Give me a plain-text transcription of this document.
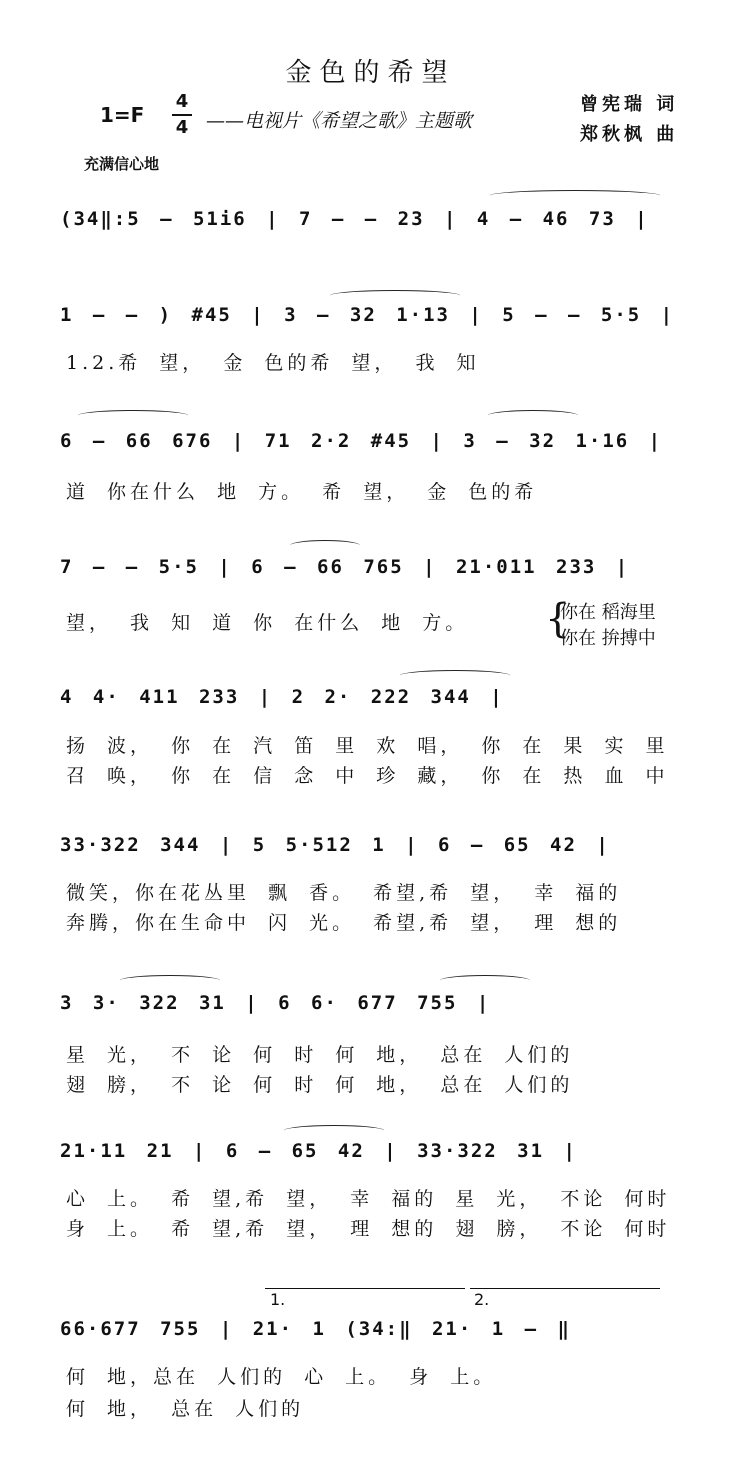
金色的希望
1=F
4
4 ——电视片《希望之歌》主题歌
曾宪瑞 词
郑秋枫 曲
充满信心地
(34‖:5 — 51i6 | 7 — — 23 | 4 — 46 73 |
1 — — ) #45 | 3 — 32 1·13 | 5 — — 5·5 |
1.2.希 望， 金 色的希 望， 我 知
6 — 66 676 | 71 2·2 #45 | 3 — 32 1·16 |
道 你在什么 地 方。 希 望， 金 色的希
7 — — 5·5 | 6 — 66 765 | 21·011 233 |
望， 我 知 道 你 在什么 地 方。	{
你在 稻海里
你在 拚搏中
4 4· 411 233 | 2 2· 222 344 |
扬 波， 你 在 汽 笛 里 欢 唱， 你 在 果 实 里
召 唤， 你 在 信 念 中 珍 藏， 你 在 热 血 中
33·322 344 | 5 5·512 1 | 6 — 65 42 |
微笑，你在花丛里 飘 香。 希望,希 望， 幸 福的
奔腾，你在生命中 闪 光。 希望,希 望， 理 想的
3 3· 322 31 | 6 6· 677 755 |
星 光， 不 论 何 时 何 地， 总在 人们的
翅 膀， 不 论 何 时 何 地， 总在 人们的
21·11 21 | 6 — 65 42 | 33·322 31 |
心 上。 希 望,希 望， 幸 福的 星 光， 不论 何时
身 上。 希 望,希 望， 理 想的 翅 膀， 不论 何时
1.	2.
66·677 755 | 21· 1 (34:‖ 21· 1 — ‖
何 地，总在 人们的 心 上。 身 上。
何 地， 总在 人们的
